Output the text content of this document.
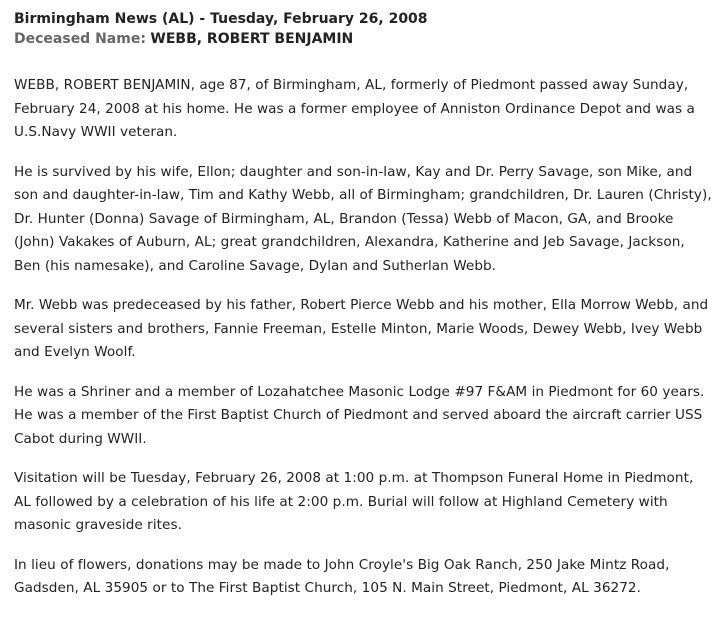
Birmingham News (AL) - Tuesday, February 26, 2008
Deceased Name: WEBB, ROBERT BENJAMIN

WEBB, ROBERT BENJAMIN, age 87, of Birmingham, AL, formerly of Piedmont passed away Sunday, February 24, 2008 at his home. He was a former employee of Anniston Ordinance Depot and was a U.S.Navy WWII veteran.

He is survived by his wife, Ellon; daughter and son-in-law, Kay and Dr. Perry Savage, son Mike, and son and daughter-in-law, Tim and Kathy Webb, all of Birmingham; grandchildren, Dr. Lauren (Christy), Dr. Hunter (Donna) Savage of Birmingham, AL, Brandon (Tessa) Webb of Macon, GA, and Brooke (John) Vakakes of Auburn, AL; great grandchildren, Alexandra, Katherine and Jeb Savage, Jackson, Ben (his namesake), and Caroline Savage, Dylan and Sutherlan Webb.

Mr. Webb was predeceased by his father, Robert Pierce Webb and his mother, Ella Morrow Webb, and several sisters and brothers, Fannie Freeman, Estelle Minton, Marie Woods, Dewey Webb, Ivey Webb and Evelyn Woolf.

He was a Shriner and a member of Lozahatchee Masonic Lodge #97 F&AM in Piedmont for 60 years. He was a member of the First Baptist Church of Piedmont and served aboard the aircraft carrier USS Cabot during WWII.

Visitation will be Tuesday, February 26, 2008 at 1:00 p.m. at Thompson Funeral Home in Piedmont, AL followed by a celebration of his life at 2:00 p.m. Burial will follow at Highland Cemetery with masonic graveside rites.

In lieu of flowers, donations may be made to John Croyle's Big Oak Ranch, 250 Jake Mintz Road, Gadsden, AL 35905 or to The First Baptist Church, 105 N. Main Street, Piedmont, AL 36272.
